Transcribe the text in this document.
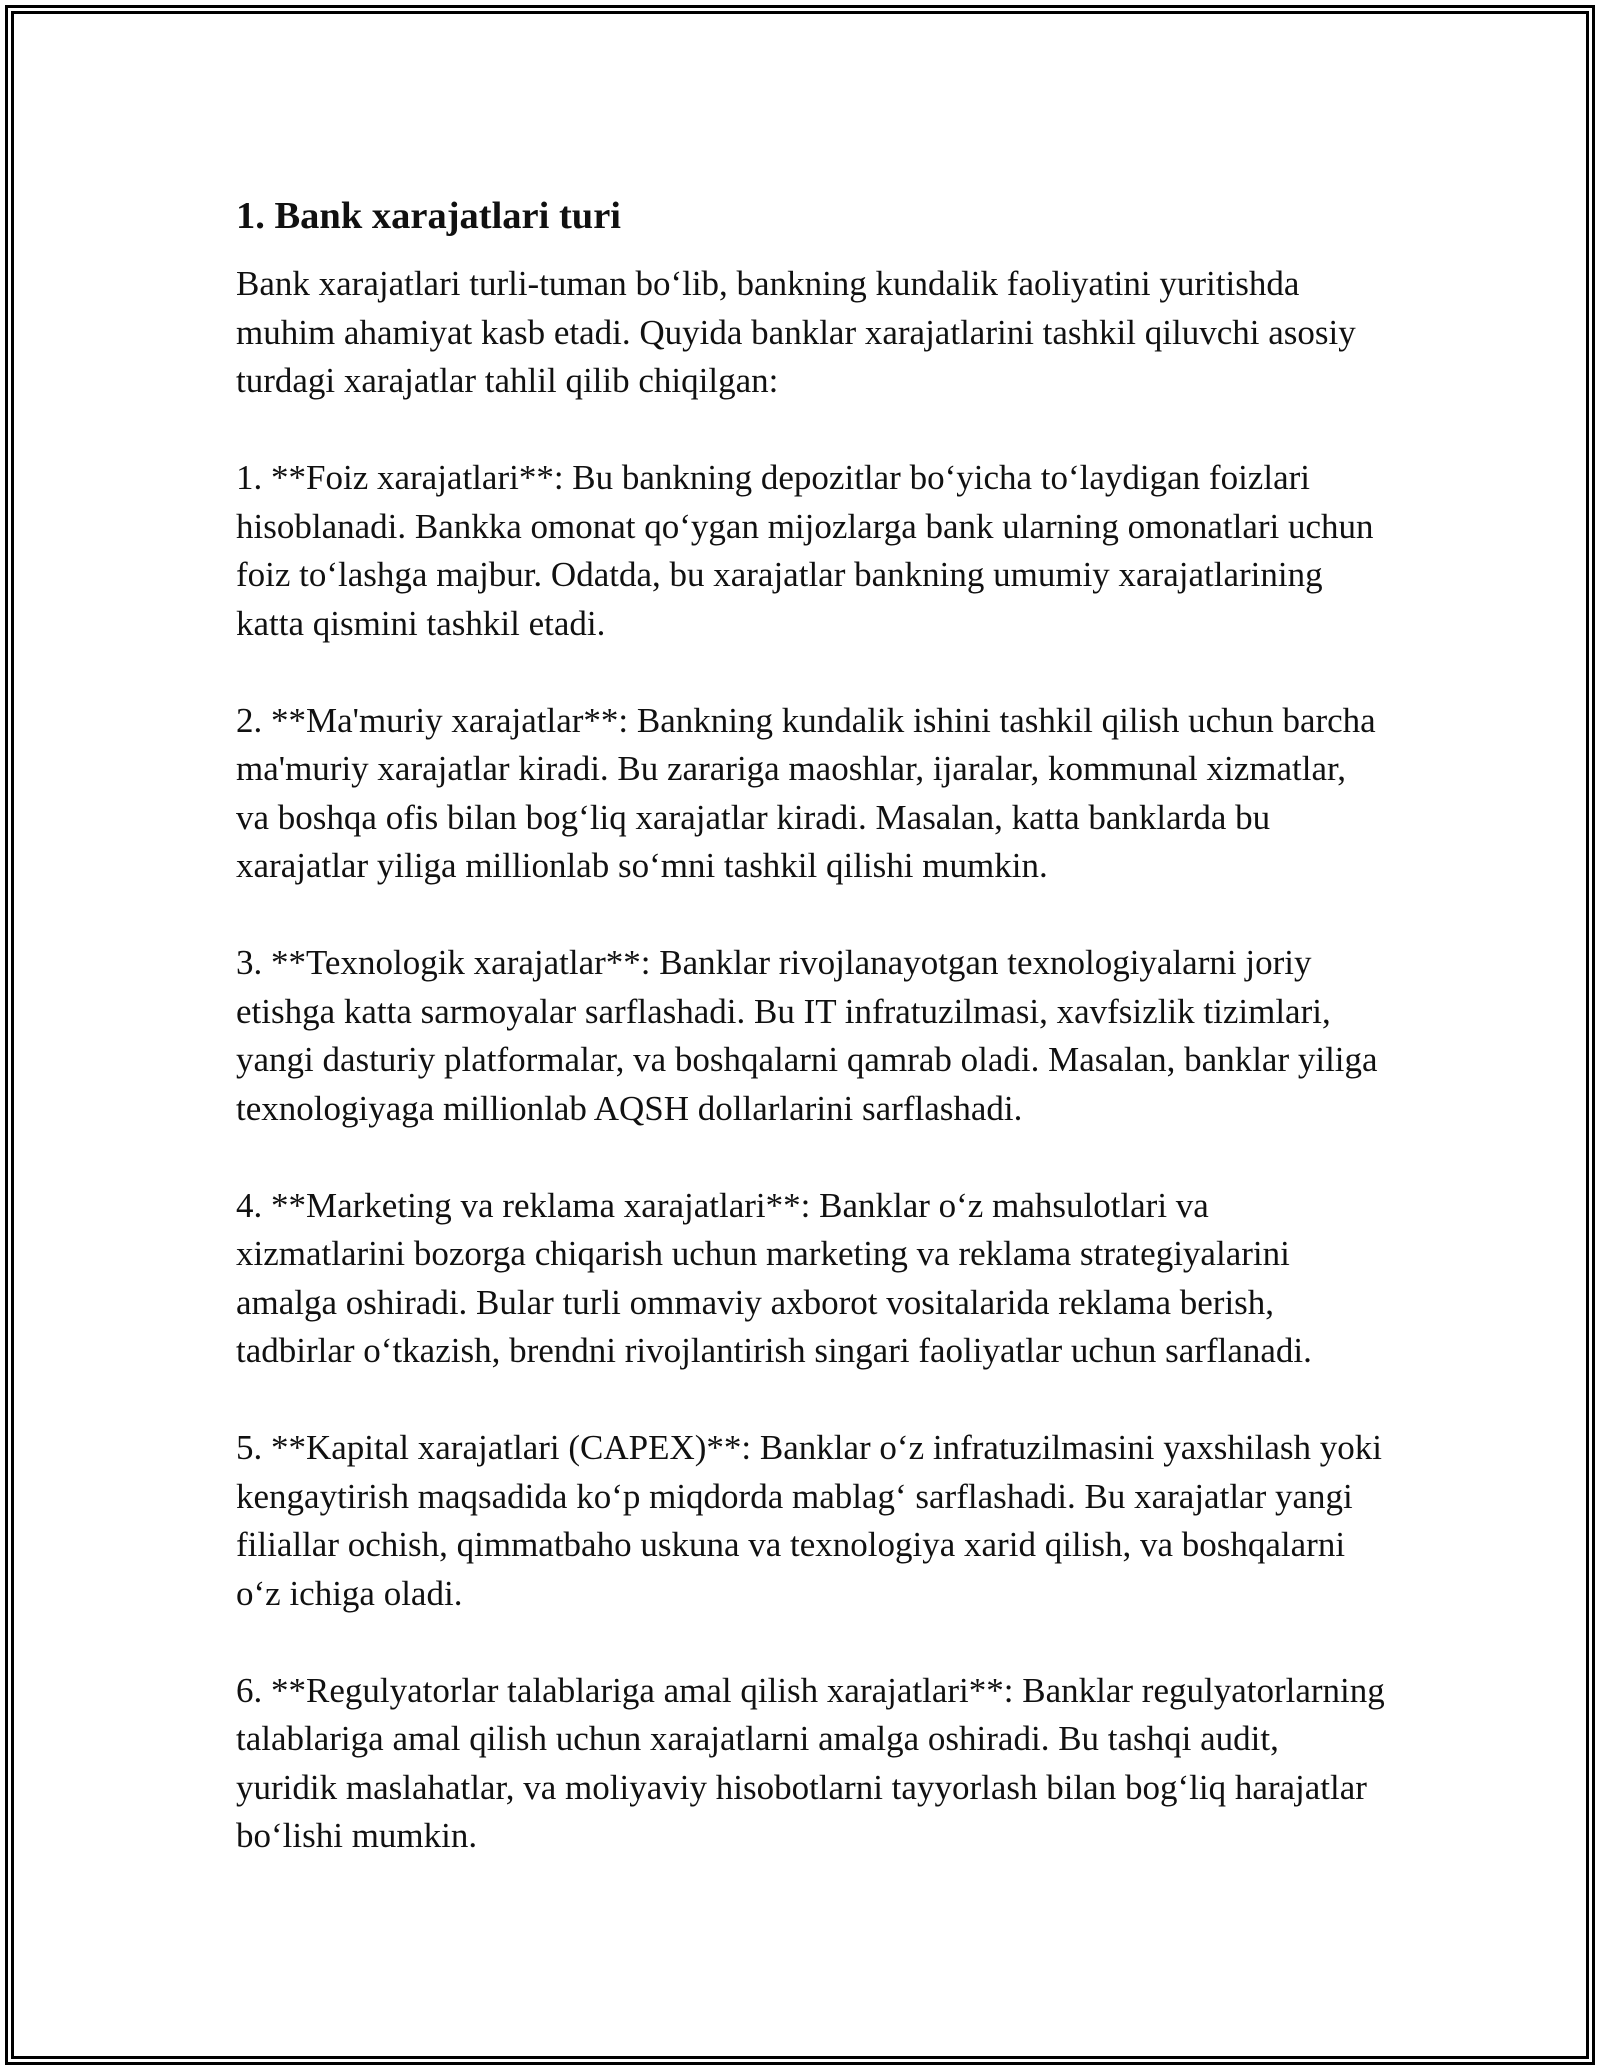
1. Bank xarajatlari turi

Bank xarajatlari turli-tuman bo‘lib, bankning kundalik faoliyatini yuritishda muhim ahamiyat kasb etadi. Quyida banklar xarajatlarini tashkil qiluvchi asosiy turdagi xarajatlar tahlil qilib chiqilgan:

1. **Foiz xarajatlari**: Bu bankning depozitlar bo‘yicha to‘laydigan foizlari hisoblanadi. Bankka omonat qo‘ygan mijozlarga bank ularning omonatlari uchun foiz to‘lashga majbur. Odatda, bu xarajatlar bankning umumiy xarajatlarining katta qismini tashkil etadi.

2. **Ma'muriy xarajatlar**: Bankning kundalik ishini tashkil qilish uchun barcha ma'muriy xarajatlar kiradi. Bu zarariga maoshlar, ijaralar, kommunal xizmatlar, va boshqa ofis bilan bog‘liq xarajatlar kiradi. Masalan, katta banklarda bu xarajatlar yiliga millionlab so‘mni tashkil qilishi mumkin.

3. **Texnologik xarajatlar**: Banklar rivojlanayotgan texnologiyalarni joriy etishga katta sarmoyalar sarflashadi. Bu IT infratuzilmasi, xavfsizlik tizimlari, yangi dasturiy platformalar, va boshqalarni qamrab oladi. Masalan, banklar yiliga texnologiyaga millionlab AQSH dollarlarini sarflashadi.

4. **Marketing va reklama xarajatlari**: Banklar o‘z mahsulotlari va xizmatlarini bozorga chiqarish uchun marketing va reklama strategiyalarini amalga oshiradi. Bular turli ommaviy axborot vositalarida reklama berish, tadbirlar o‘tkazish, brendni rivojlantirish singari faoliyatlar uchun sarflanadi.

5. **Kapital xarajatlari (CAPEX)**: Banklar o‘z infratuzilmasini yaxshilash yoki kengaytirish maqsadida ko‘p miqdorda mablag‘ sarflashadi. Bu xarajatlar yangi filiallar ochish, qimmatbaho uskuna va texnologiya xarid qilish, va boshqalarni o‘z ichiga oladi.

6. **Regulyatorlar talablariga amal qilish xarajatlari**: Banklar regulyatorlarning talablariga amal qilish uchun xarajatlarni amalga oshiradi. Bu tashqi audit, yuridik maslahatlar, va moliyaviy hisobotlarni tayyorlash bilan bog‘liq harajatlar bo‘lishi mumkin.
